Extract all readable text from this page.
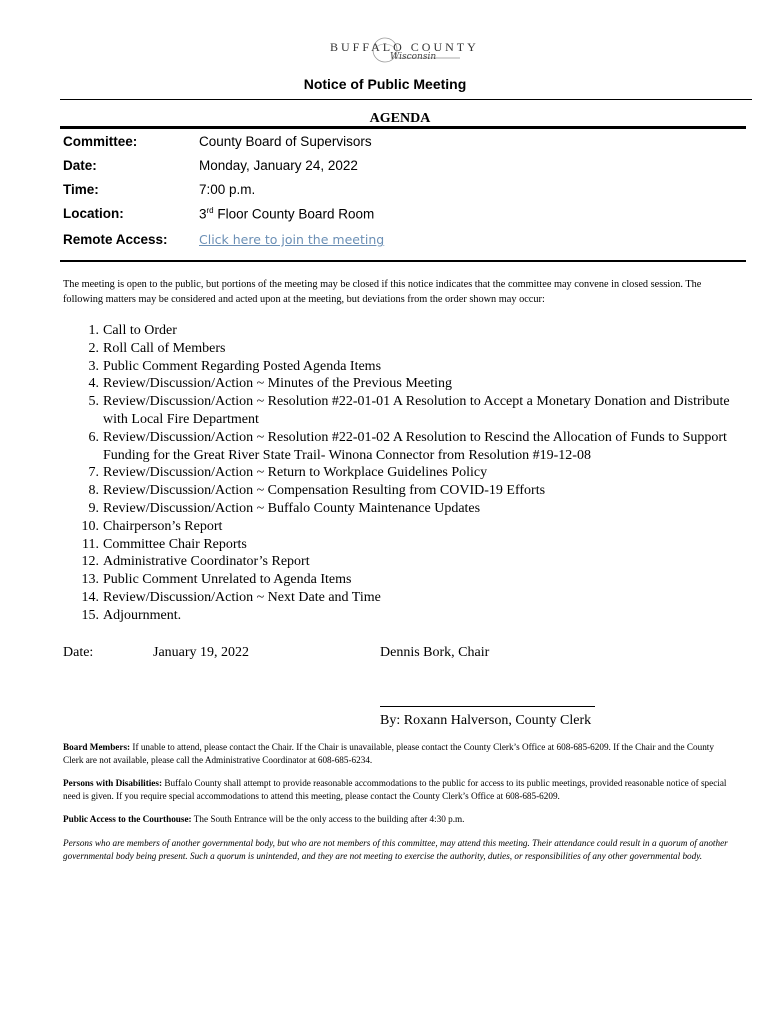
BUFFALO COUNTY
Wisconsin
Notice of Public Meeting
AGENDA
Committee:	County Board of Supervisors
Date:	Monday, January 24, 2022
Time:	7:00 p.m.
Location:	3rd Floor County Board Room
Remote Access:	Click here to join the meeting
The meeting is open to the public, but portions of the meeting may be closed if this notice indicates that the committee may convene in closed session. The following matters may be considered and acted upon at the meeting, but deviations from the order shown may occur:
1. Call to Order
2. Roll Call of Members
3. Public Comment Regarding Posted Agenda Items
4. Review/Discussion/Action ~ Minutes of the Previous Meeting
5. Review/Discussion/Action ~ Resolution #22-01-01 A Resolution to Accept a Monetary Donation and Distribute with Local Fire Department
6. Review/Discussion/Action ~ Resolution #22-01-02 A Resolution to Rescind the Allocation of Funds to Support Funding for the Great River State Trail- Winona Connector from Resolution #19-12-08
7. Review/Discussion/Action ~ Return to Workplace Guidelines Policy
8. Review/Discussion/Action ~ Compensation Resulting from COVID-19 Efforts
9. Review/Discussion/Action ~ Buffalo County Maintenance Updates
10. Chairperson’s Report
11. Committee Chair Reports
12. Administrative Coordinator’s Report
13. Public Comment Unrelated to Agenda Items
14. Review/Discussion/Action ~ Next Date and Time
15. Adjournment.
Date:	January 19, 2022	Dennis Bork, Chair
By: Roxann Halverson, County Clerk
Board Members: If unable to attend, please contact the Chair. If the Chair is unavailable, please contact the County Clerk’s Office at 608-685-6209. If the Chair and the County Clerk are not available, please call the Administrative Coordinator at 608-685-6234.
Persons with Disabilities: Buffalo County shall attempt to provide reasonable accommodations to the public for access to its public meetings, provided reasonable notice of special need is given. If you require special accommodations to attend this meeting, please contact the County Clerk’s Office at 608-685-6209.
Public Access to the Courthouse: The South Entrance will be the only access to the building after 4:30 p.m.
Persons who are members of another governmental body, but who are not members of this committee, may attend this meeting. Their attendance could result in a quorum of another governmental body being present. Such a quorum is unintended, and they are not meeting to exercise the authority, duties, or responsibilities of any other governmental body.
